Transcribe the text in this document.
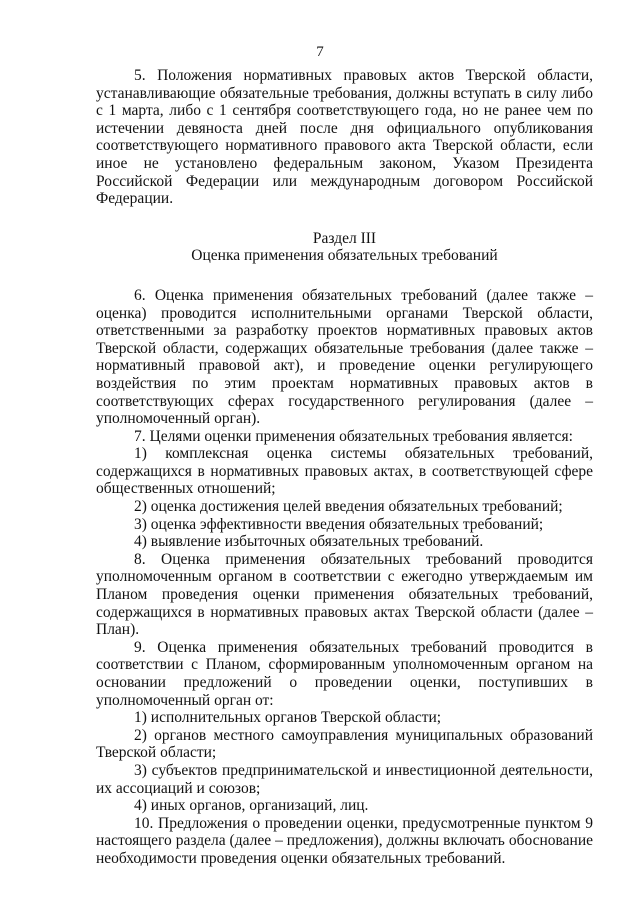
7

5. Положения нормативных правовых актов Тверской области, устанавливающие обязательные требования, должны вступать в силу либо с 1 марта, либо с 1 сентября соответствующего года, но не ранее чем по истечении девяноста дней после дня официального опубликования соответствующего нормативного правового акта Тверской области, если иное не установлено федеральным законом, Указом Президента Российской Федерации или международным договором Российской Федерации.

Раздел III

Оценка применения обязательных требований

6. Оценка применения обязательных требований (далее также – оценка) проводится исполнительными органами Тверской области, ответственными за разработку проектов нормативных правовых актов Тверской области, содержащих обязательные требования (далее также – нормативный правовой акт), и проведение оценки регулирующего воздействия по этим проектам нормативных правовых актов в соответствующих сферах государственного регулирования (далее – уполномоченный орган).

7. Целями оценки применения обязательных требования является:

1) комплексная оценка системы обязательных требований, содержащихся в нормативных правовых актах, в соответствующей сфере общественных отношений;

2) оценка достижения целей введения обязательных требований;

3) оценка эффективности введения обязательных требований;

4) выявление избыточных обязательных требований.

8. Оценка применения обязательных требований проводится уполномоченным органом в соответствии с ежегодно утверждаемым им Планом проведения оценки применения обязательных требований, содержащихся в нормативных правовых актах Тверской области (далее – План).

9. Оценка применения обязательных требований проводится в соответствии с Планом, сформированным уполномоченным органом на основании предложений о проведении оценки, поступивших в уполномоченный орган от:

1) исполнительных органов Тверской области;

2) органов местного самоуправления муниципальных образований Тверской области;

3) субъектов предпринимательской и инвестиционной деятельности, их ассоциаций и союзов;

4) иных органов, организаций, лиц.

10. Предложения о проведении оценки, предусмотренные пунктом 9 настоящего раздела (далее – предложения), должны включать обоснование необходимости проведения оценки обязательных требований.
